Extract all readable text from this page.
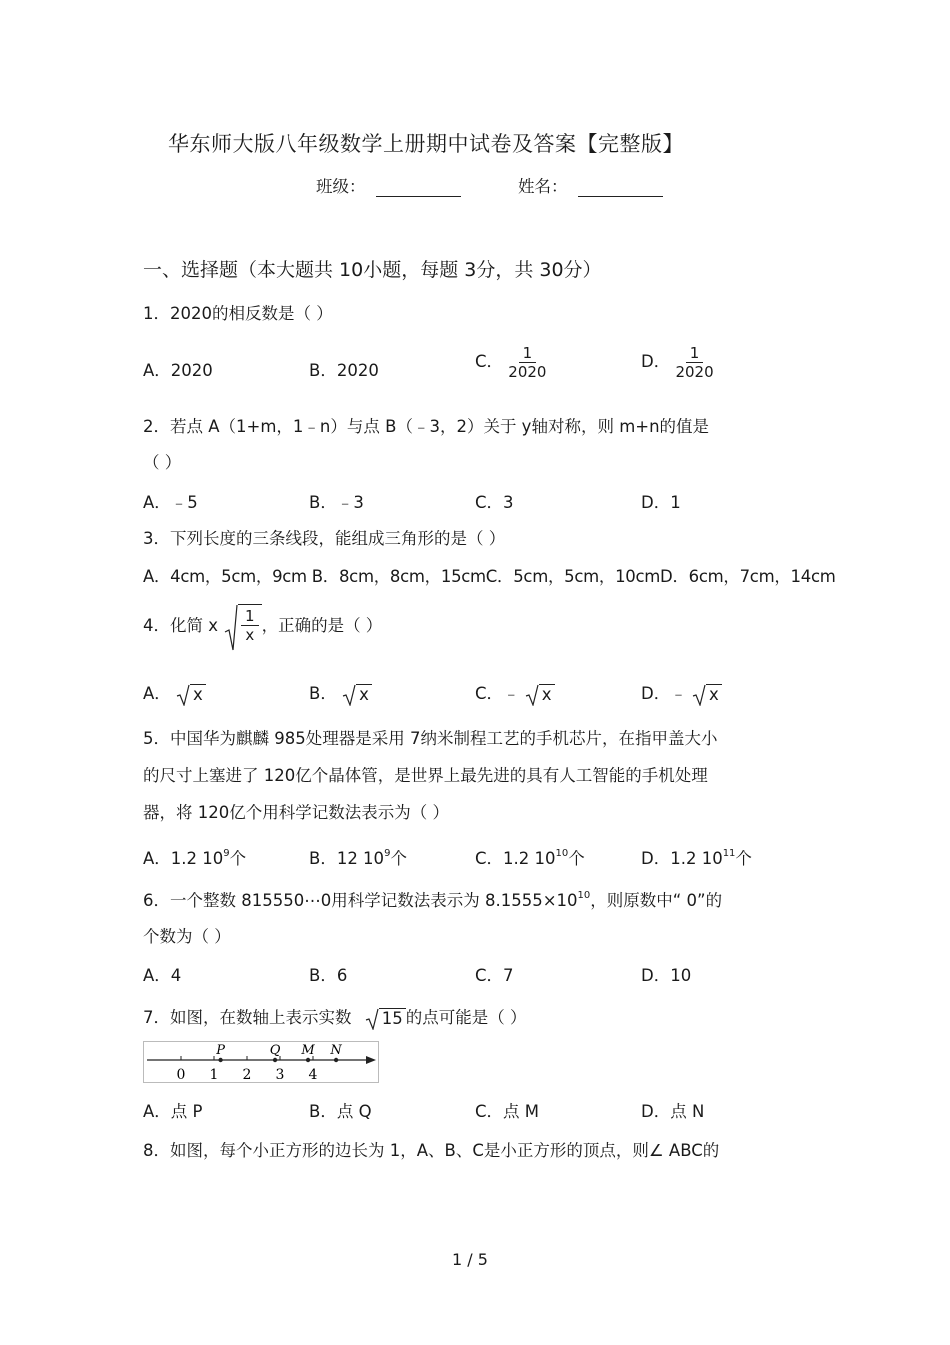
华东师大版八年级数学上册期中试卷及答案【完整版】
班级：	姓名：
一、选择题（本大题共 10小题，每题 3分，共 30分）
1．2020的相反数是（ ）
A．2020	B．2020	C． $\frac{1}{2020}$	D． $\frac{1}{2020}$
2．若点 A（1+m，1﹣n）与点 B（﹣3，2）关于 y轴对称，则 m+n的值是
（ ）
A．﹣5	B．﹣3	C．3	D．1
3．下列长度的三条线段，能组成三角形的是（ ）
A．4cm，5cm，9cm B．8cm，8cm，15cmC．5cm，5cm，10cmD．6cm，7cm，14cm
4．化简 x $\frac{1}{x}$ ，正确的是（ ）
A． x	B． x	C．﹣ x	D．﹣ x
5．中国华为麒麟 985处理器是采用 7纳米制程工艺的手机芯片，在指甲盖大小
的尺寸上塞进了 120亿个晶体管，是世界上最先进的具有人工智能的手机处理
器，将 120亿个用科学记数法表示为（ ）
A．1.2 $10^9$个	B．12 $10^9$个	C．1.2 $10^{10}$个	D．1.2 $10^{11}$个
6．一个整数 815550⋯0用科学记数法表示为 $8.1555\times 10^{10}$，则原数中“ 0”的
个数为（ ）
A．4	B．6	C．7	D．10
7．如图，在数轴上表示实数 15 的点可能是（ ）
0 1 2 3 4
P	Q M N
A．点 P	B．点 Q	C．点 M	D．点 N
8．如图，每个小正方形的边长为 1，A、B、C是小正方形的顶点，则∠ ABC的
1 / 5
